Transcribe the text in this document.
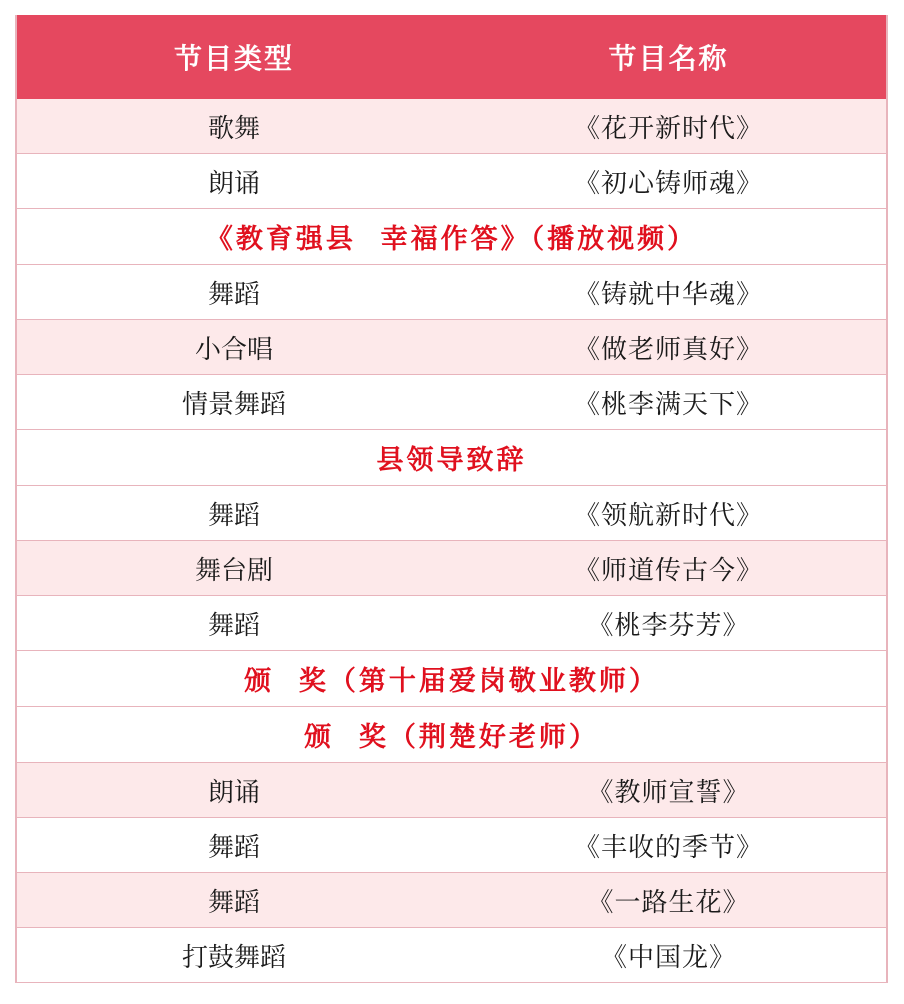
节目类型	节目名称
歌舞	《花开新时代》
朗诵	《初心铸师魂》
《教育强县  幸福作答》（播放视频）
舞蹈	《铸就中华魂》
小合唱	《做老师真好》
情景舞蹈	《桃李满天下》
县领导致辞
舞蹈	《领航新时代》
舞台剧	《师道传古今》
舞蹈	《桃李芬芳》
颁  奖（第十届爱岗敬业教师）
颁  奖（荆楚好老师）
朗诵	《教师宣誓》
舞蹈	《丰收的季节》
舞蹈	《一路生花》
打鼓舞蹈	《中国龙》
